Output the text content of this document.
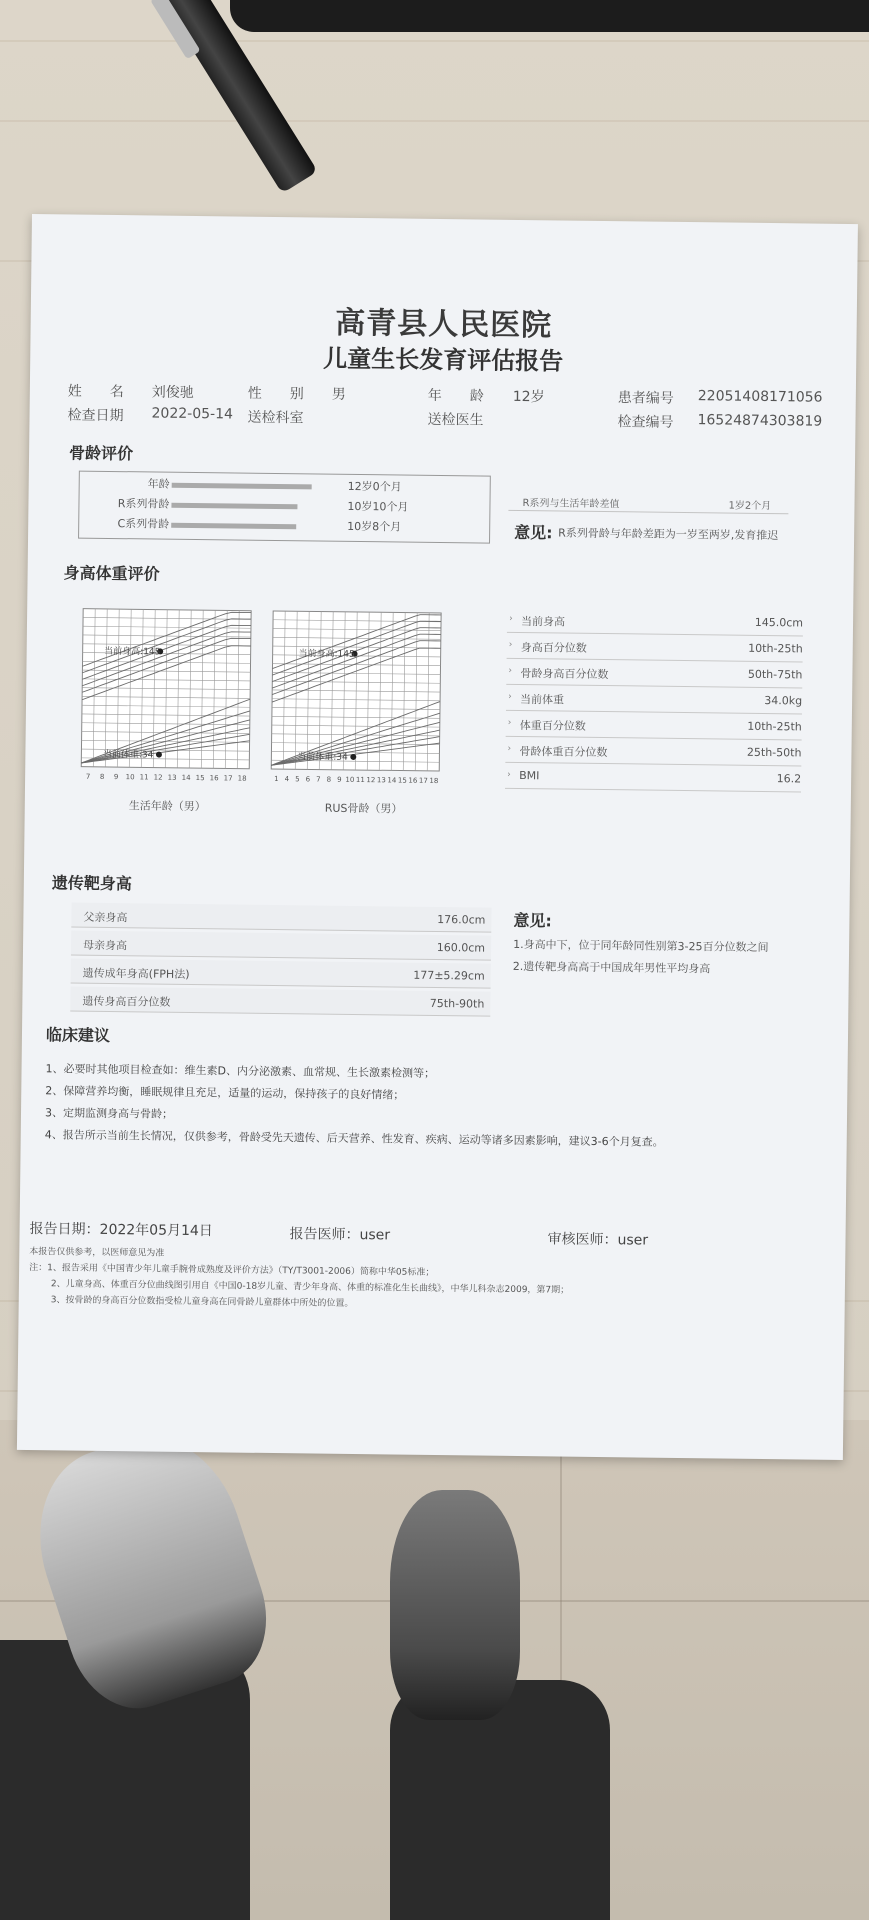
高青县人民医院
儿童生长发育评估报告
姓　　名 刘俊驰	性　　别 男	年　　龄 12岁	患者编号 22051408171056
检查日期 2022-05-14 送检科室	送检医生	检查编号 16524874303819
骨龄评价
年龄	12岁0个月
R系列骨龄	10岁10个月
C系列骨龄	10岁8个月
R系列与生活年龄差值	1岁2个月
意见: R系列骨龄与年龄差距为一岁至两岁,发育推迟
身高体重评价
7 8 9 10 11 12 13 14 15 16 17 18
当前身高:145
当前体重:34
生活年龄（男）
1 4 5 6 7 8 9 10 11 12 13 14 15 16 17 18
当前身高:145
当前体重:34
RUS骨龄（男）
› 当前身高	145.0cm
› 身高百分位数	10th-25th
› 骨龄身高百分位数	50th-75th
› 当前体重	34.0kg
› 体重百分位数	10th-25th
› 骨龄体重百分位数	25th-50th
› BMI	16.2
遗传靶身高
父亲身高	176.0cm
母亲身高	160.0cm
遗传成年身高(FPH法)	177±5.29cm
遗传身高百分位数	75th-90th
意见:
1.身高中下，位于同年龄同性别第3-25百分位数之间
2.遗传靶身高高于中国成年男性平均身高
临床建议
1、必要时其他项目检查如：维生素D、内分泌激素、血常规、生长激素检测等；
2、保障营养均衡，睡眠规律且充足，适量的运动，保持孩子的良好情绪；
3、定期监测身高与骨龄；
4、报告所示当前生长情况，仅供参考，骨龄受先天遗传、后天营养、性发育、疾病、运动等诸多因素影响，建议3-6个月复查。
报告日期：2022年05月14日	报告医师：user	审核医师：user
本报告仅供参考，以医师意见为准
注：1、报告采用《中国青少年儿童手腕骨成熟度及评价方法》（TY/T3001-2006）简称中华05标准；
2、儿童身高、体重百分位曲线图引用自《中国0-18岁儿童、青少年身高、体重的标准化生长曲线》，中华儿科杂志2009，第7期；
3、按骨龄的身高百分位数指受检儿童身高在同骨龄儿童群体中所处的位置。
